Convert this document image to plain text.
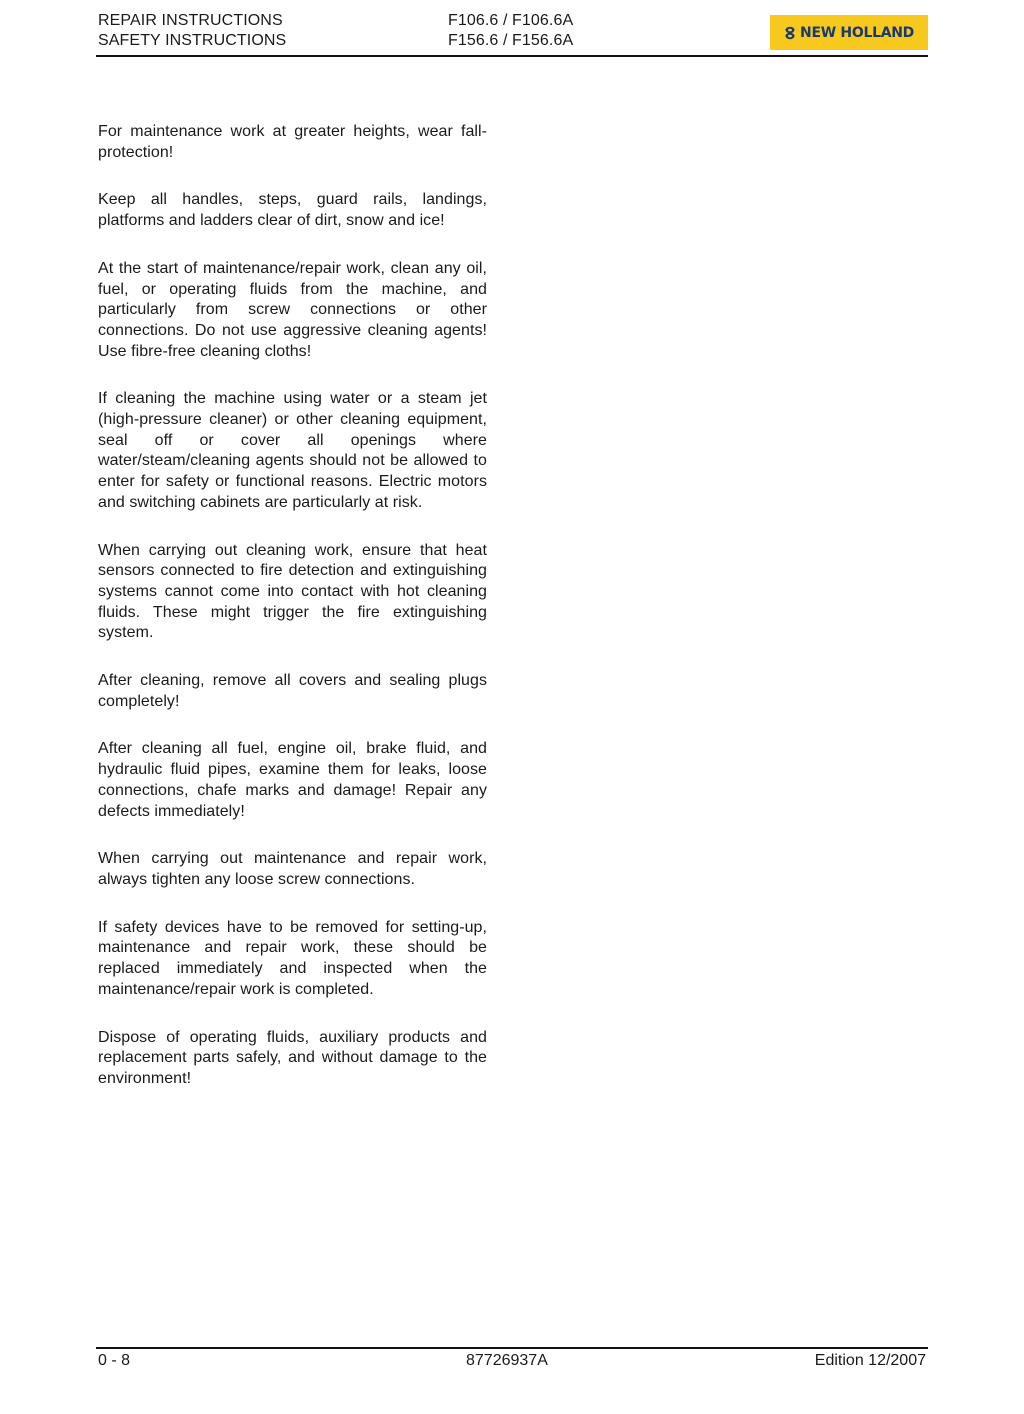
REPAIR INSTRUCTIONS
SAFETY INSTRUCTIONS
F106.6 / F106.6A
F156.6 / F156.6A	NEW HOLLAND

For maintenance work at greater heights, wear fall-protection!

Keep all handles, steps, guard rails, landings, platforms and ladders clear of dirt, snow and ice!

At the start of maintenance/repair work, clean any oil, fuel, or operating fluids from the machine, and particularly from screw connections or other connections. Do not use aggressive cleaning agents! Use fibre-free cleaning cloths!

If cleaning the machine using water or a steam jet (high-pressure cleaner) or other cleaning equipment, seal off or cover all openings where water/steam/cleaning agents should not be allowed to enter for safety or functional reasons. Electric motors and switching cabinets are particularly at risk.

When carrying out cleaning work, ensure that heat sensors connected to fire detection and extinguishing systems cannot come into contact with hot cleaning fluids. These might trigger the fire extinguishing system.

After cleaning, remove all covers and sealing plugs completely!

After cleaning all fuel, engine oil, brake fluid, and hydraulic fluid pipes, examine them for leaks, loose connections, chafe marks and damage! Repair any defects immediately!

When carrying out maintenance and repair work, always tighten any loose screw connections.

If safety devices have to be removed for setting-up, maintenance and repair work, these should be replaced immediately and inspected when the maintenance/repair work is completed.

Dispose of operating fluids, auxiliary products and replacement parts safely, and without damage to the environment!

0 - 8	87726937A	Edition 12/2007
